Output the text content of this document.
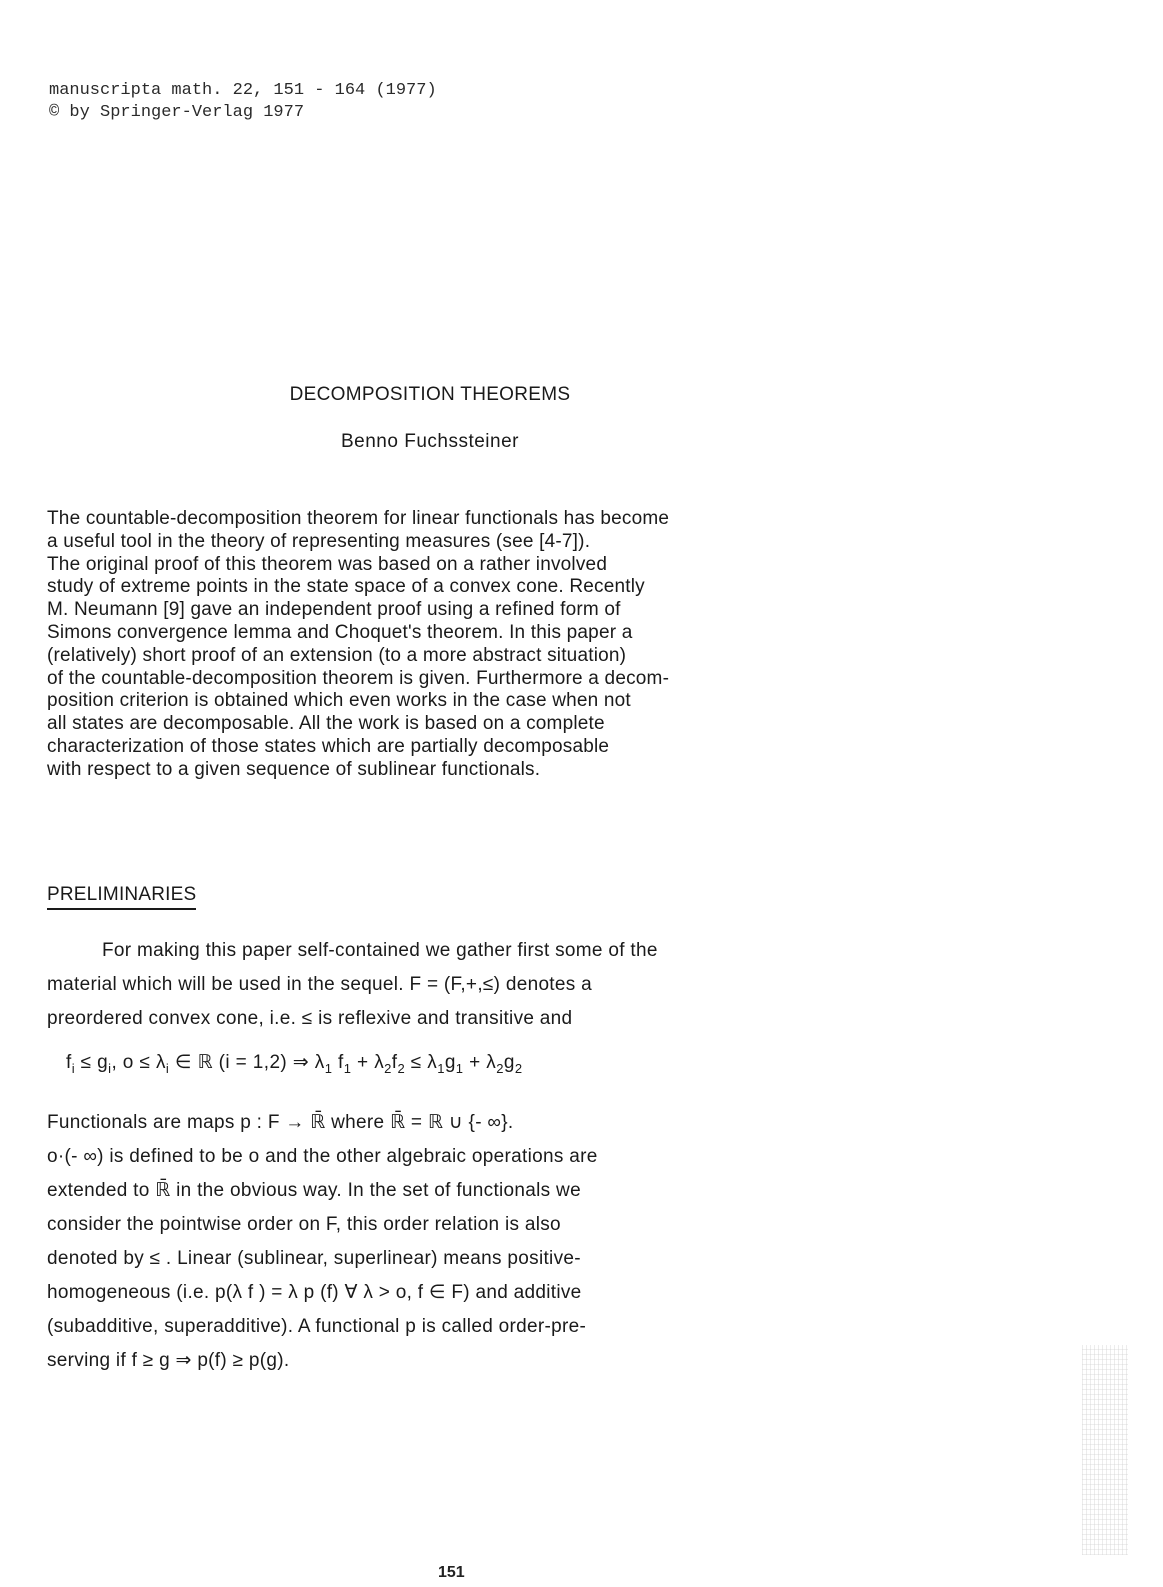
manuscripta math. 22, 151 - 164 (1977)
© by Springer-Verlag 1977
DECOMPOSITION THEOREMS
Benno Fuchssteiner
The countable-decomposition theorem for linear functionals has become
a useful tool in the theory of representing measures (see [4-7]).
The original proof of this theorem was based on a rather involved
study of extreme points in the state space of a convex cone. Recently
M. Neumann [9] gave an independent proof using a refined form of
Simons convergence lemma and Choquet's theorem. In this paper a
(relatively) short proof of an extension (to a more abstract situation)
of the countable-decomposition theorem is given. Furthermore a decom-
position criterion is obtained which even works in the case when not
all states are decomposable. All the work is based on a complete
characterization of those states which are partially decomposable
with respect to a given sequence of sublinear functionals.
PRELIMINARIES
For making this paper self-contained we gather first some of the
material which will be used in the sequel. F = (F,+,≤) denotes a
preordered convex cone, i.e. ≤ is reflexive and transitive and
$f_i \le g_i$, $o \le \lambda_i$ ∈ ℝ (i = 1,2) ⇒ $\lambda_1$ $f_1 + \lambda_2f_2 \le \lambda_1g_1 + \lambda_2g_2$
Functionals are maps p : F → ℝ̄ where ℝ̄ = ℝ ∪ {- ∞}.
o·(- ∞) is defined to be o and the other algebraic operations are
extended to ℝ̄ in the obvious way. In the set of functionals we
consider the pointwise order on F, this order relation is also
denoted by ≤ . Linear (sublinear, superlinear) means positive-
homogeneous (i.e. p(λ f ) = λ p (f) ∀ λ > o, f ∈ F) and additive
(subadditive, superadditive). A functional p is called order-pre-
serving if f ≥ g ⇒ p(f) ≥ p(g).
151
